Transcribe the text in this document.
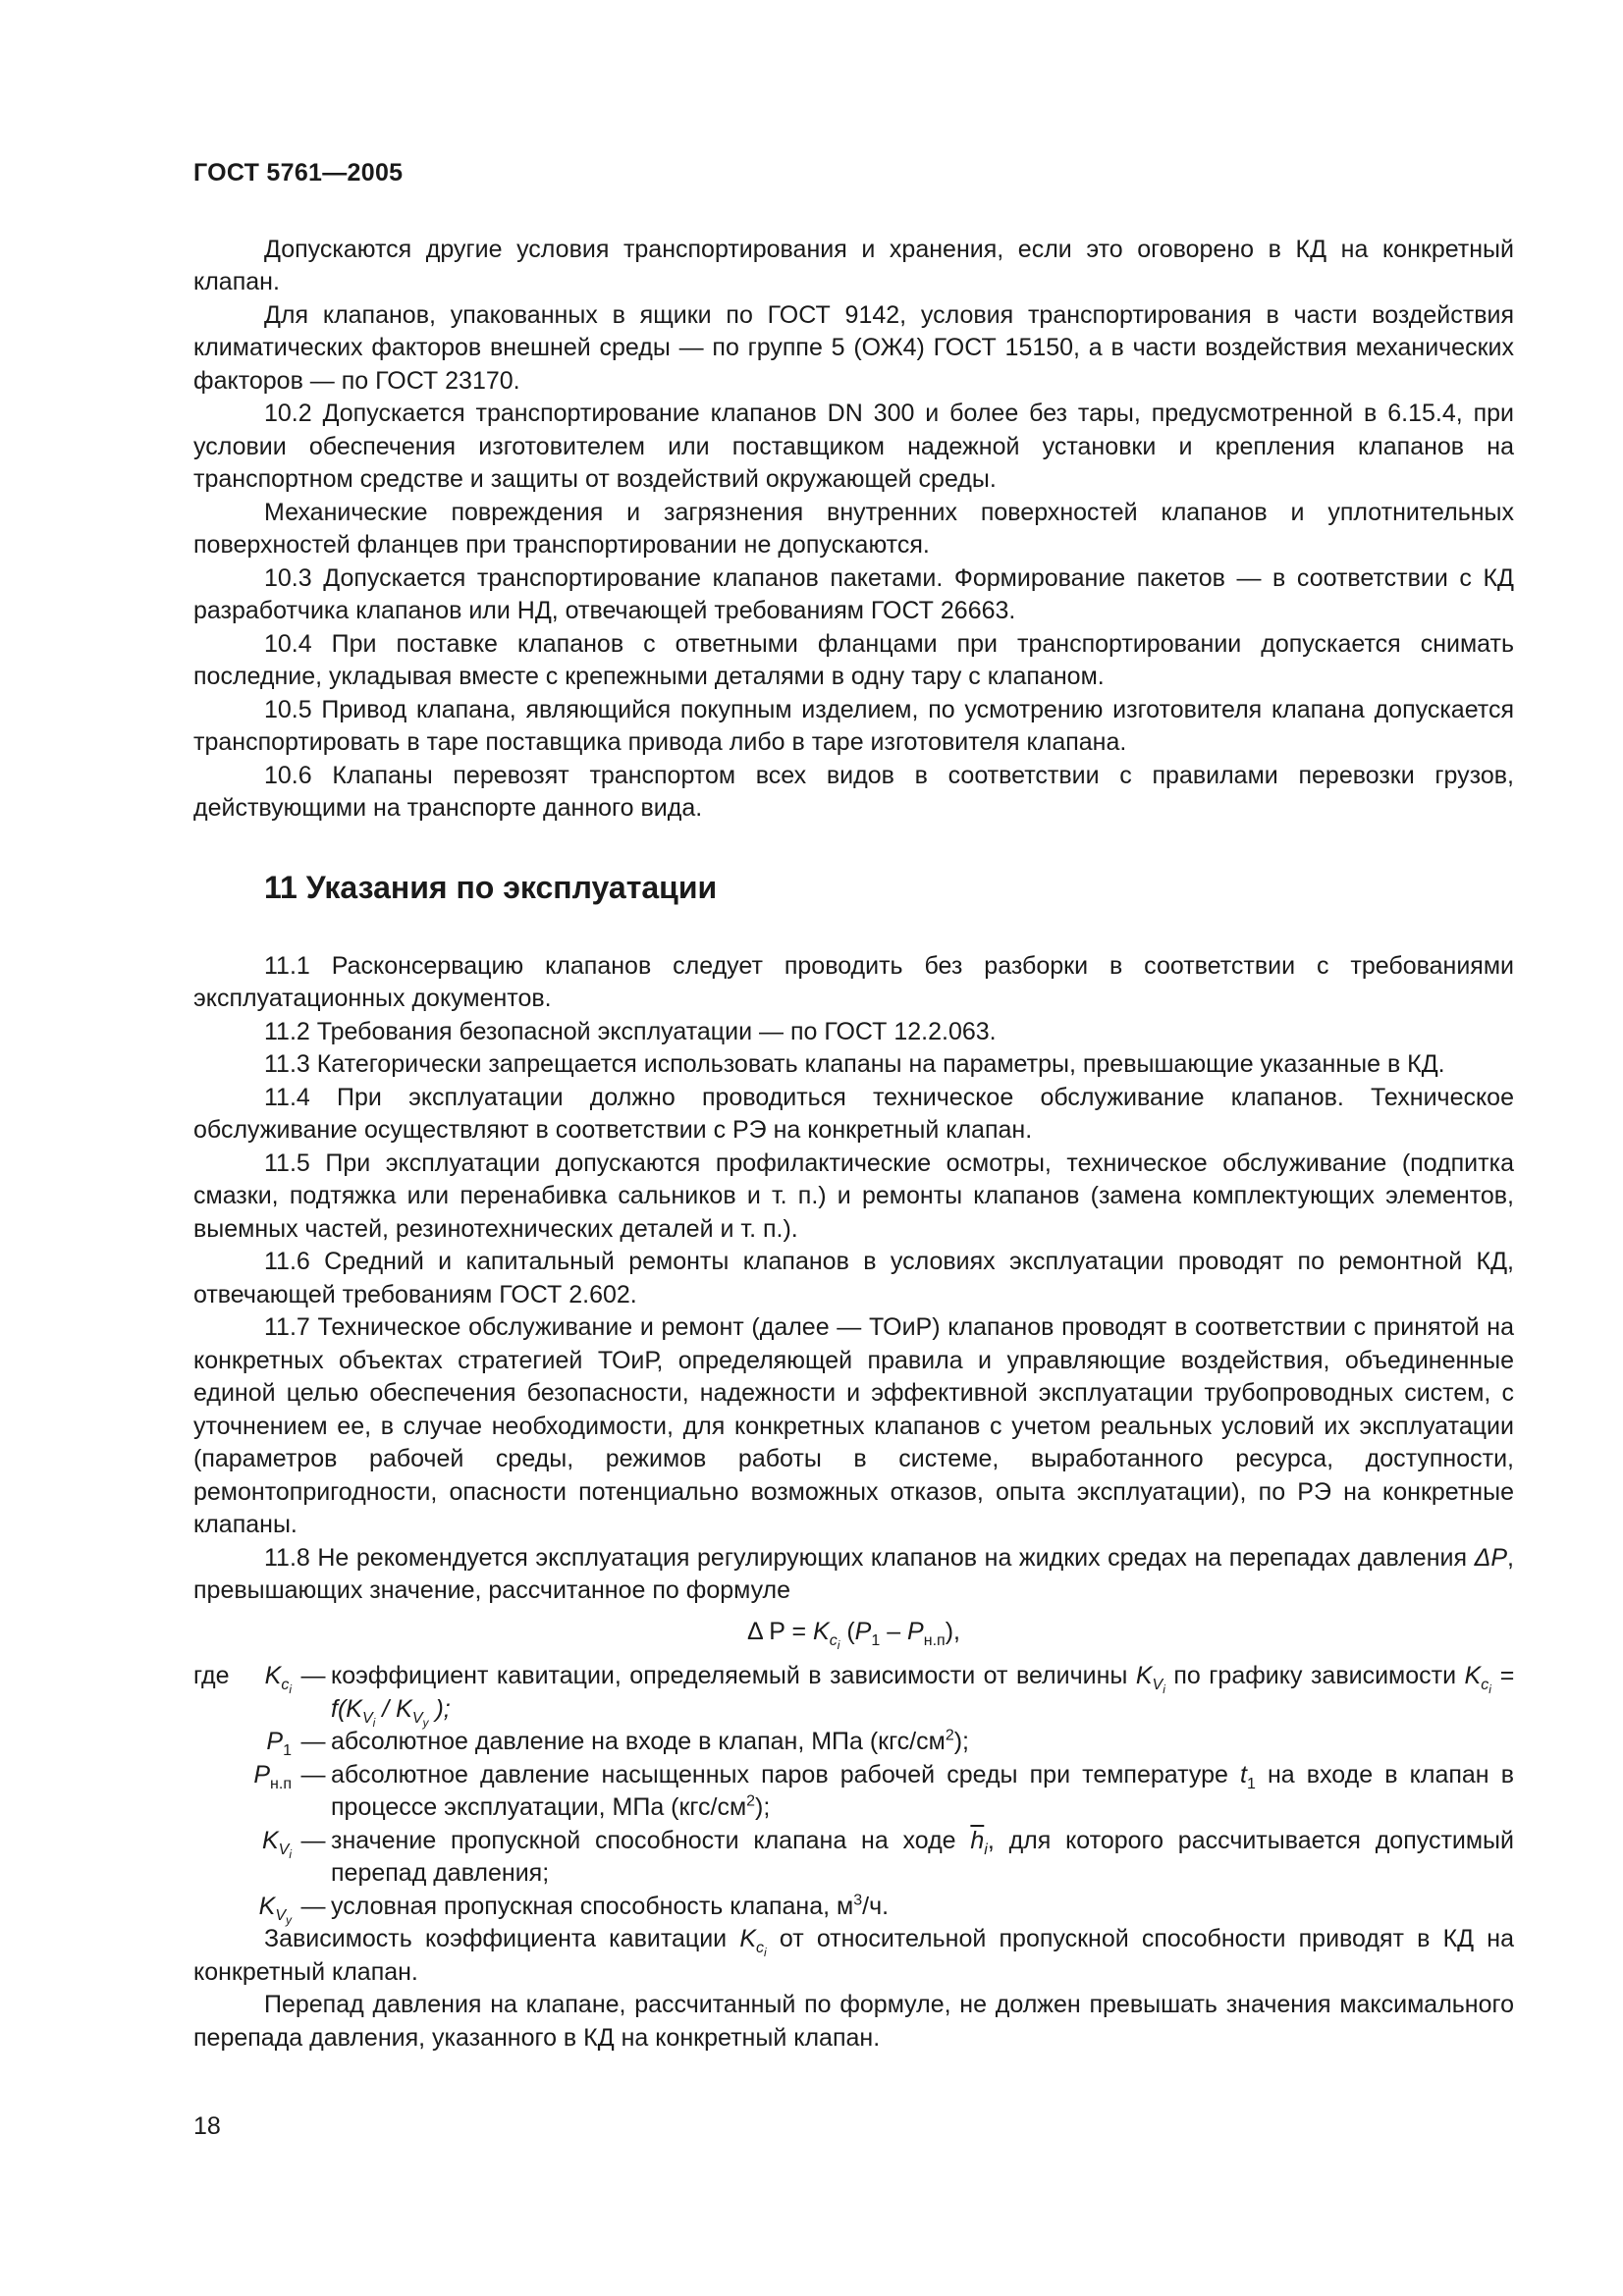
ГОСТ 5761—2005

Допускаются другие условия транспортирования и хранения, если это оговорено в КД на конкретный клапан.

Для клапанов, упакованных в ящики по ГОСТ 9142, условия транспортирования в части воздействия климатических факторов внешней среды — по группе 5 (ОЖ4) ГОСТ 15150, а в части воздействия механических факторов — по ГОСТ 23170.

10.2 Допускается транспортирование клапанов DN 300 и более без тары, предусмотренной в 6.15.4, при условии обеспечения изготовителем или поставщиком надежной установки и крепления клапанов на транспортном средстве и защиты от воздействий окружающей среды.

Механические повреждения и загрязнения внутренних поверхностей клапанов и уплотнительных поверхностей фланцев при транспортировании не допускаются.

10.3 Допускается транспортирование клапанов пакетами. Формирование пакетов — в соответствии с КД разработчика клапанов или НД, отвечающей требованиям ГОСТ 26663.

10.4 При поставке клапанов с ответными фланцами при транспортировании допускается снимать последние, укладывая вместе с крепежными деталями в одну тару с клапаном.

10.5 Привод клапана, являющийся покупным изделием, по усмотрению изготовителя клапана допускается транспортировать в таре поставщика привода либо в таре изготовителя клапана.

10.6 Клапаны перевозят транспортом всех видов в соответствии с правилами перевозки грузов, действующими на транспорте данного вида.

11 Указания по эксплуатации

11.1 Расконсервацию клапанов следует проводить без разборки в соответствии с требованиями эксплуатационных документов.

11.2 Требования безопасной эксплуатации — по ГОСТ 12.2.063.

11.3 Категорически запрещается использовать клапаны на параметры, превышающие указанные в КД.

11.4 При эксплуатации должно проводиться техническое обслуживание клапанов. Техническое обслуживание осуществляют в соответствии с РЭ на конкретный клапан.

11.5 При эксплуатации допускаются профилактические осмотры, техническое обслуживание (подпитка смазки, подтяжка или перенабивка сальников и т. п.) и ремонты клапанов (замена комплектующих элементов, выемных частей, резинотехнических деталей и т. п.).

11.6 Средний и капитальный ремонты клапанов в условиях эксплуатации проводят по ремонтной КД, отвечающей требованиям ГОСТ 2.602.

11.7 Техническое обслуживание и ремонт (далее — ТОиР) клапанов проводят в соответствии с принятой на конкретных объектах стратегией ТОиР, определяющей правила и управляющие воздействия, объединенные единой целью обеспечения безопасности, надежности и эффективной эксплуатации трубопроводных систем, с уточнением ее, в случае необходимости, для конкретных клапанов с учетом реальных условий их эксплуатации (параметров рабочей среды, режимов работы в системе, выработанного ресурса, доступности, ремонтопригодности, опасности потенциально возможных отказов, опыта эксплуатации), по РЭ на конкретные клапаны.

11.8 Не рекомендуется эксплуатация регулирующих клапанов на жидких средах на перепадах давления ΔP, превышающих значение, рассчитанное по формуле

Δ $P = K_{c_i}$ $(P_1 - P_{н.п})$,
где	$K_{c_i}$
— коэффициент кавитации, определяемый в зависимости от величины $K_{V_i}$ по графику зависимости $K_{c_i} = f(K_{V_i} / K_{V_y}$ );
$P_1$ — абсолютное давление на входе в клапан, МПа $(кгс/см^2)$;
$P_{н.п}$ — абсолютное давление насыщенных паров рабочей среды при температуре $t_1$ на входе в клапан в процессе эксплуатации, МПа $(кгс/см^2)$;
$K_{V_i}$
— значение пропускной способности клапана на ходе $\overline{h}_i$, для которого рассчитывается допустимый перепад давления;
$K_{V_y}$
— условная пропускная способность клапана, $м^3/ч$.

Зависимость коэффициента кавитации $K_{c_i}$ от относительной пропускной способности приводят в КД на конкретный клапан.

Перепад давления на клапане, рассчитанный по формуле, не должен превышать значения максимального перепада давления, указанного в КД на конкретный клапан.

18
